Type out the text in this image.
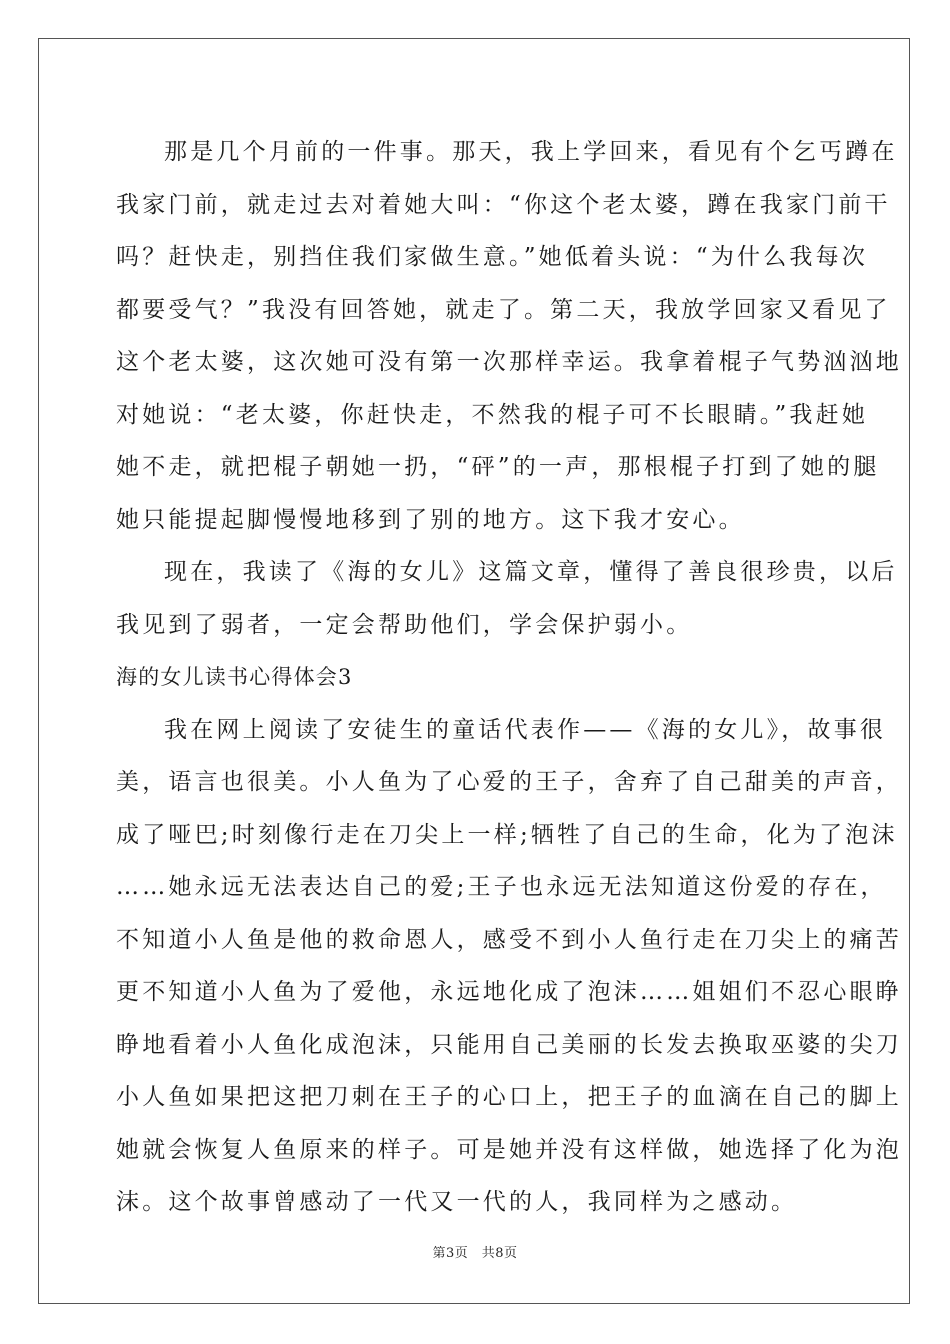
那是几个月前的一件事。那天，我上学回来，看见有个乞丐蹲在
我家门前，就走过去对着她大叫：“你这个老太婆，蹲在我家门前干
吗？赶快走，别挡住我们家做生意。”她低着头说：“为什么我每次
都要受气？”我没有回答她，就走了。第二天，我放学回家又看见了
这个老太婆，这次她可没有第一次那样幸运。我拿着棍子气势汹汹地
对她说：“老太婆，你赶快走，不然我的棍子可不长眼睛。”我赶她
她不走，就把棍子朝她一扔，“砰”的一声，那根棍子打到了她的腿
她只能提起脚慢慢地移到了别的地方。这下我才安心。
现在，我读了《海的女儿》这篇文章，懂得了善良很珍贵，以后
我见到了弱者，一定会帮助他们，学会保护弱小。
海的女儿读书心得体会3
我在网上阅读了安徒生的童话代表作——《海的女儿》，故事很
美，语言也很美。小人鱼为了心爱的王子，舍弃了自己甜美的声音，
成了哑巴;时刻像行走在刀尖上一样;牺牲了自己的生命，化为了泡沫
……她永远无法表达自己的爱;王子也永远无法知道这份爱的存在，
不知道小人鱼是他的救命恩人，感受不到小人鱼行走在刀尖上的痛苦
更不知道小人鱼为了爱他，永远地化成了泡沫……姐姐们不忍心眼睁
睁地看着小人鱼化成泡沫，只能用自己美丽的长发去换取巫婆的尖刀
小人鱼如果把这把刀刺在王子的心口上，把王子的血滴在自己的脚上
她就会恢复人鱼原来的样子。可是她并没有这样做，她选择了化为泡
沫。这个故事曾感动了一代又一代的人，我同样为之感动。
第3页　共8页
